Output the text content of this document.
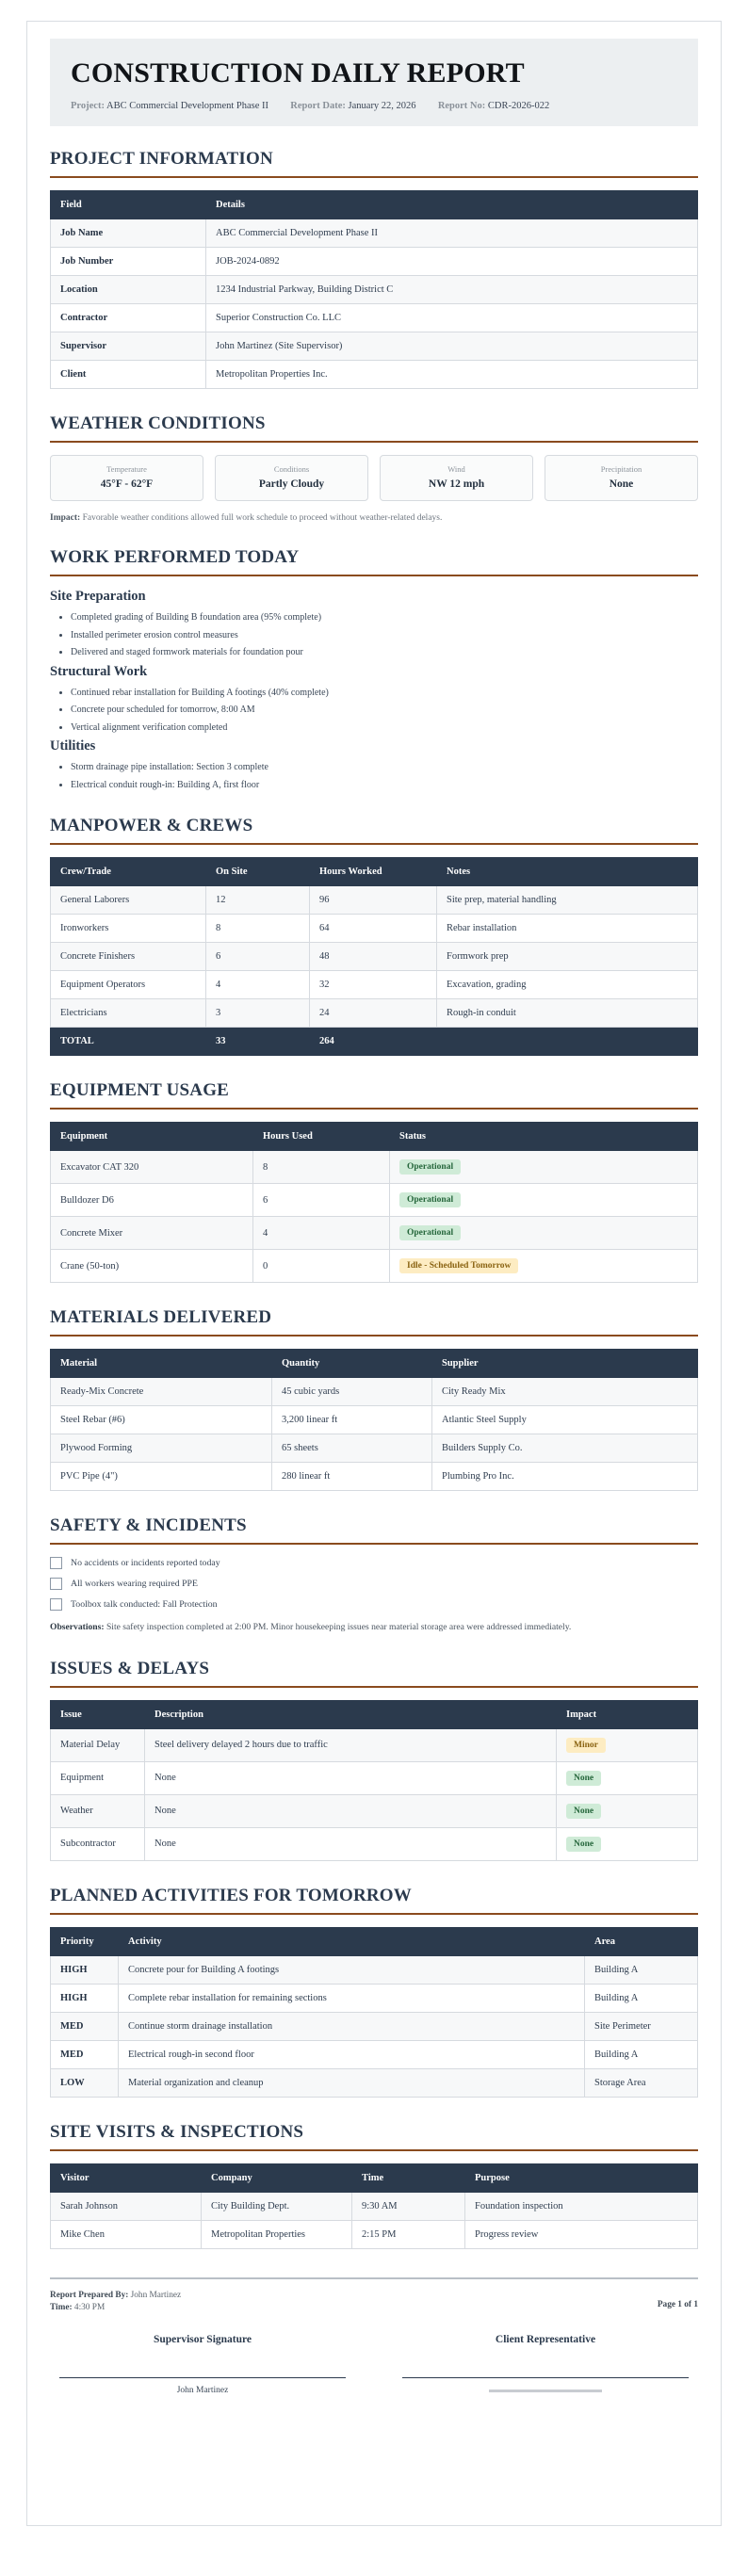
CONSTRUCTION DAILY REPORT
Project: ABC Commercial Development Phase II Report Date: January 22, 2026 Report No: CDR-2026-022
PROJECT INFORMATION
Field	Details
Job Name	ABC Commercial Development Phase II
Job Number	JOB-2024-0892
Location	1234 Industrial Parkway, Building District C
Contractor	Superior Construction Co. LLC
Supervisor	John Martinez (Site Supervisor)
Client	Metropolitan Properties Inc.
WEATHER CONDITIONS
Temperature
45°F - 62°F
Conditions
Partly Cloudy
Wind
NW 12 mph
Precipitation
None
Impact: Favorable weather conditions allowed full work schedule to proceed without weather-related delays.
WORK PERFORMED TODAY
Site Preparation
• Completed grading of Building B foundation area (95% complete)
• Installed perimeter erosion control measures
• Delivered and staged formwork materials for foundation pour
Structural Work
• Continued rebar installation for Building A footings (40% complete)
• Concrete pour scheduled for tomorrow, 8:00 AM
• Vertical alignment verification completed
Utilities
• Storm drainage pipe installation: Section 3 complete
• Electrical conduit rough-in: Building A, first floor
MANPOWER & CREWS
Crew/Trade	On Site	Hours Worked	Notes
General Laborers	12	96	Site prep, material handling
Ironworkers	8	64	Rebar installation
Concrete Finishers	6	48	Formwork prep
Equipment Operators	4	32	Excavation, grading
Electricians	3	24	Rough-in conduit
TOTAL	33	264	
EQUIPMENT USAGE
Equipment	Hours Used	Status
Excavator CAT 320	8	Operational
Bulldozer D6	6	Operational
Concrete Mixer	4	Operational
Crane (50-ton)	0	Idle - Scheduled Tomorrow
MATERIALS DELIVERED
Material	Quantity	Supplier
Ready-Mix Concrete	45 cubic yards	City Ready Mix
Steel Rebar (#6)	3,200 linear ft	Atlantic Steel Supply
Plywood Forming	65 sheets	Builders Supply Co.
PVC Pipe (4")	280 linear ft	Plumbing Pro Inc.
SAFETY & INCIDENTS
No accidents or incidents reported today
All workers wearing required PPE
Toolbox talk conducted: Fall Protection
Observations: Site safety inspection completed at 2:00 PM. Minor housekeeping issues near material storage area were addressed immediately.
ISSUES & DELAYS
Issue	Description	Impact
Material Delay	Steel delivery delayed 2 hours due to traffic	Minor
Equipment	None	None
Weather	None	None
Subcontractor	None	None
PLANNED ACTIVITIES FOR TOMORROW
Priority	Activity	Area
HIGH	Concrete pour for Building A footings	Building A
HIGH	Complete rebar installation for remaining sections	Building A
MED	Continue storm drainage installation	Site Perimeter
MED	Electrical rough-in second floor	Building A
LOW	Material organization and cleanup	Storage Area
SITE VISITS & INSPECTIONS
Visitor	Company	Time	Purpose
Sarah Johnson	City Building Dept.	9:30 AM	Foundation inspection
Mike Chen	Metropolitan Properties	2:15 PM	Progress review
Report Prepared By: John Martinez
Time: 4:30 PM	Page 1 of 1
Supervisor Signature
John Martinez
Client Representative
